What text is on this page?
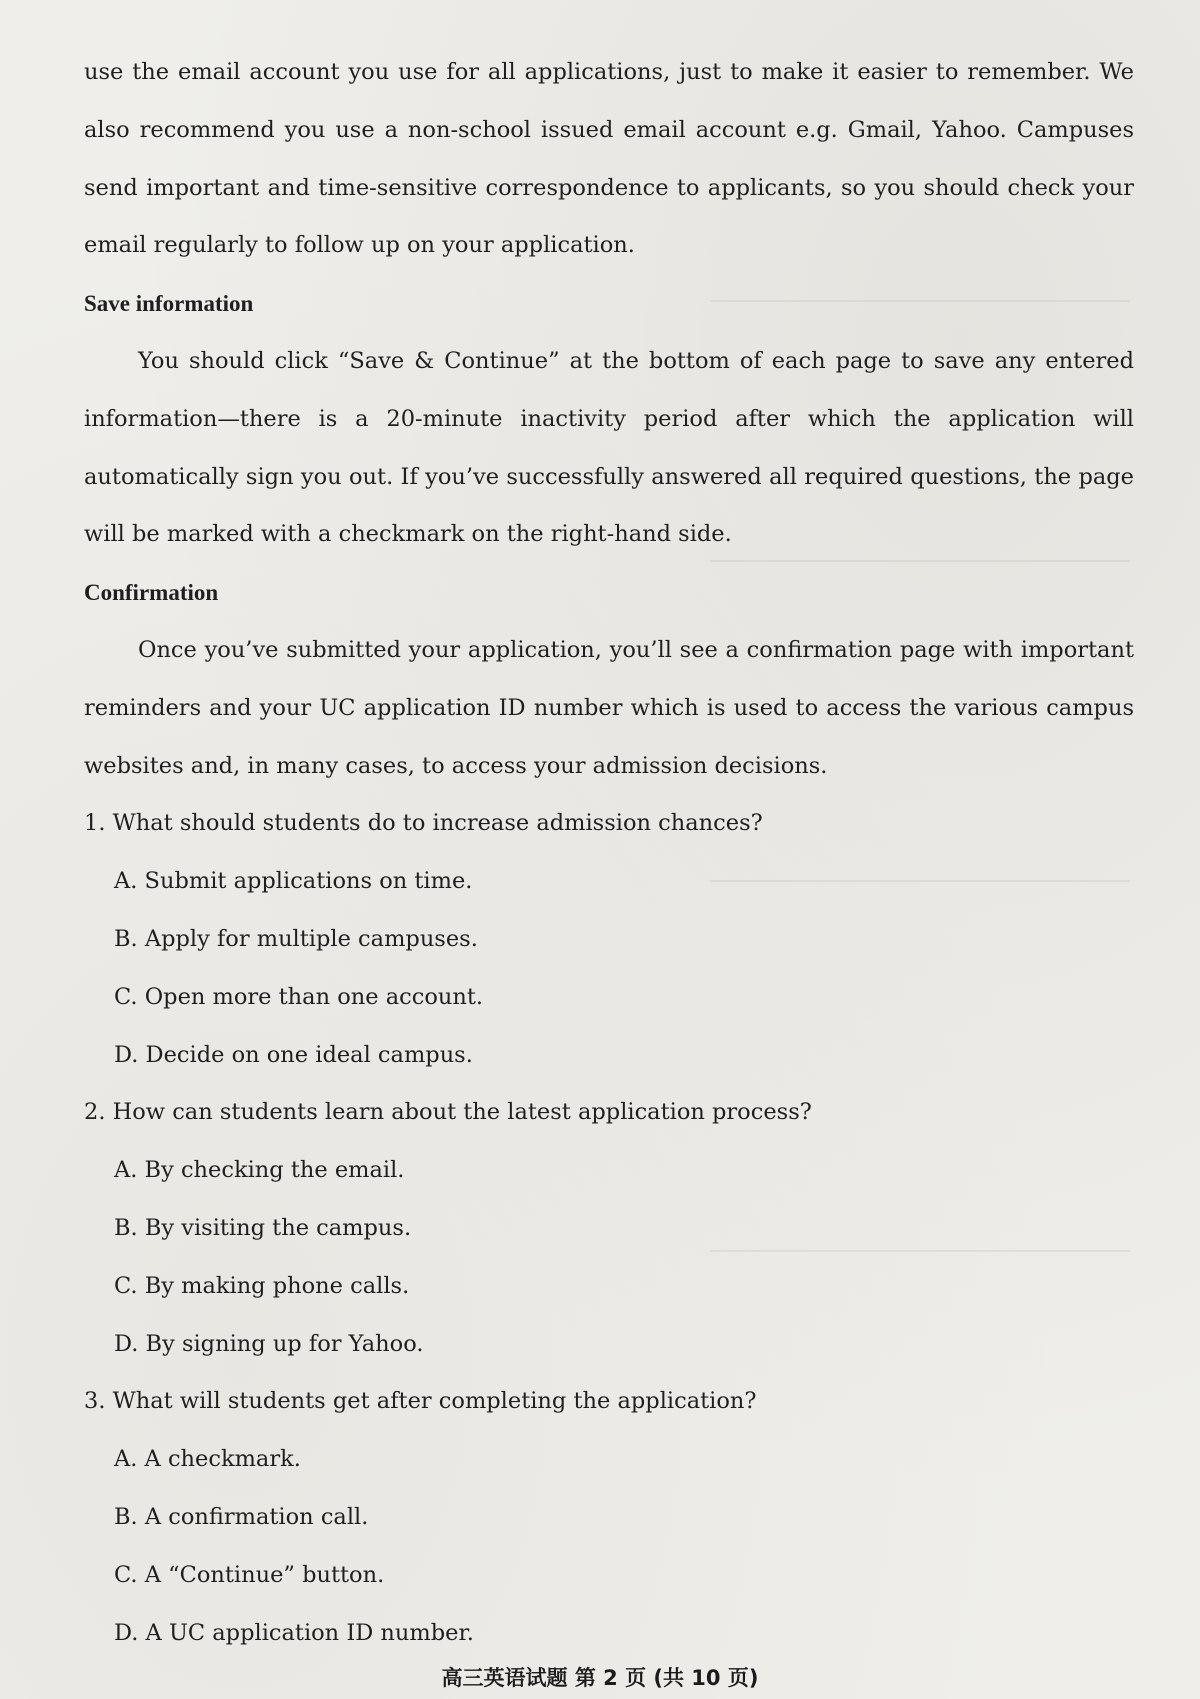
use the email account you use for all applications, just to make it easier to remember. We also recommend you use a non-school issued email account e.g. Gmail, Yahoo. Campuses send important and time-sensitive correspondence to applicants, so you should check your email regularly to follow up on your application.

Save information

You should click “Save & Continue” at the bottom of each page to save any entered information—there is a 20-minute inactivity period after which the application will automatically sign you out. If you’ve successfully answered all required questions, the page will be marked with a checkmark on the right-hand side.

Confirmation

Once you’ve submitted your application, you’ll see a confirmation page with important reminders and your UC application ID number which is used to access the various campus websites and, in many cases, to access your admission decisions.

1. What should students do to increase admission chances?

A. Submit applications on time.

B. Apply for multiple campuses.

C. Open more than one account.

D. Decide on one ideal campus.

2. How can students learn about the latest application process?

A. By checking the email.

B. By visiting the campus.

C. By making phone calls.

D. By signing up for Yahoo.

3. What will students get after completing the application?

A. A checkmark.

B. A confirmation call.

C. A “Continue” button.

D. A UC application ID number.

高三英语试题 第 2 页 (共 10 页)
